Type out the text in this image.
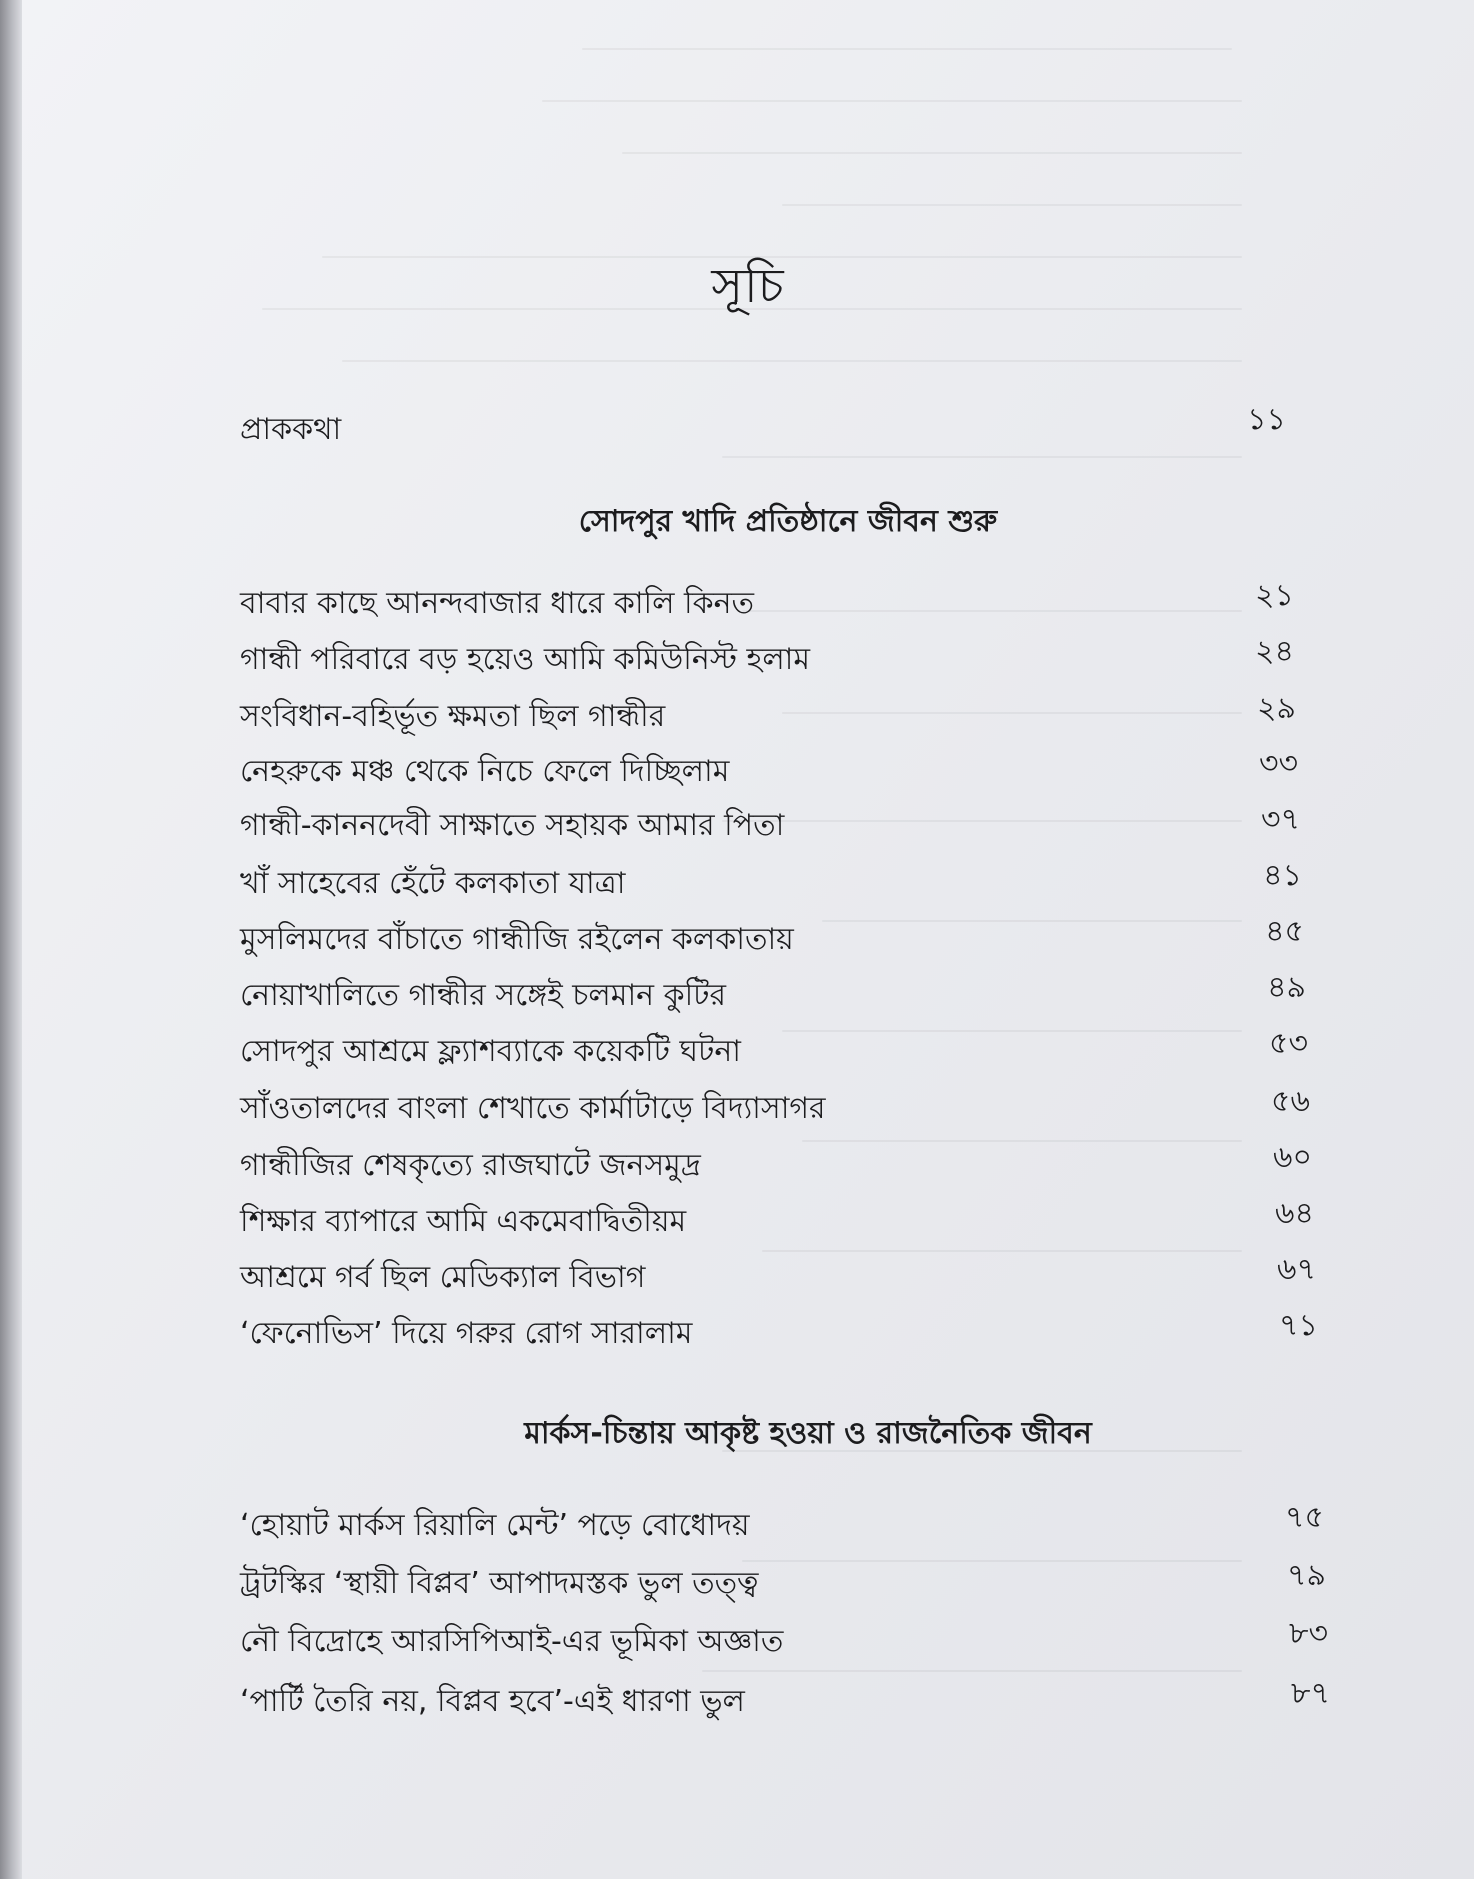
সূচি
প্রাককথা	১১
সোদপুর খাদি প্রতিষ্ঠানে জীবন শুরু
বাবার কাছে আনন্দবাজার ধারে কালি কিনত	২১
গান্ধী পরিবারে বড় হয়েও আমি কমিউনিস্ট হলাম	২৪
সংবিধান-বহির্ভূত ক্ষমতা ছিল গান্ধীর	২৯
নেহরুকে মঞ্চ থেকে নিচে ফেলে দিচ্ছিলাম	৩৩
গান্ধী-কাননদেবী সাক্ষাতে সহায়ক আমার পিতা	৩৭
খাঁ সাহেবের হেঁটে কলকাতা যাত্রা	৪১
মুসলিমদের বাঁচাতে গান্ধীজি রইলেন কলকাতায়	৪৫
নোয়াখালিতে গান্ধীর সঙ্গেই চলমান কুটির	৪৯
সোদপুর আশ্রমে ফ্ল্যাশব্যাকে কয়েকটি ঘটনা	৫৩
সাঁওতালদের বাংলা শেখাতে কার্মাটাড়ে বিদ্যাসাগর	৫৬
গান্ধীজির শেষকৃত্যে রাজঘাটে জনসমুদ্র	৬০
শিক্ষার ব্যাপারে আমি একমেবাদ্বিতীয়ম	৬৪
আশ্রমে গর্ব ছিল মেডিক্যাল বিভাগ	৬৭
‘ফেনোভিস’ দিয়ে গরুর রোগ সারালাম	৭১
মার্কস-চিন্তায় আকৃষ্ট হওয়া ও রাজনৈতিক জীবন
‘হোয়াট মার্কস রিয়ালি মেন্ট’ পড়ে বোধোদয়	৭৫
ট্রটস্কির ‘স্থায়ী বিপ্লব’ আপাদমস্তক ভুল তত্ত্ব	৭৯
নৌ বিদ্রোহে আরসিপিআই-এর ভূমিকা অজ্ঞাত	৮৩
‘পার্টি তৈরি নয়, বিপ্লব হবে’-এই ধারণা ভুল	৮৭
